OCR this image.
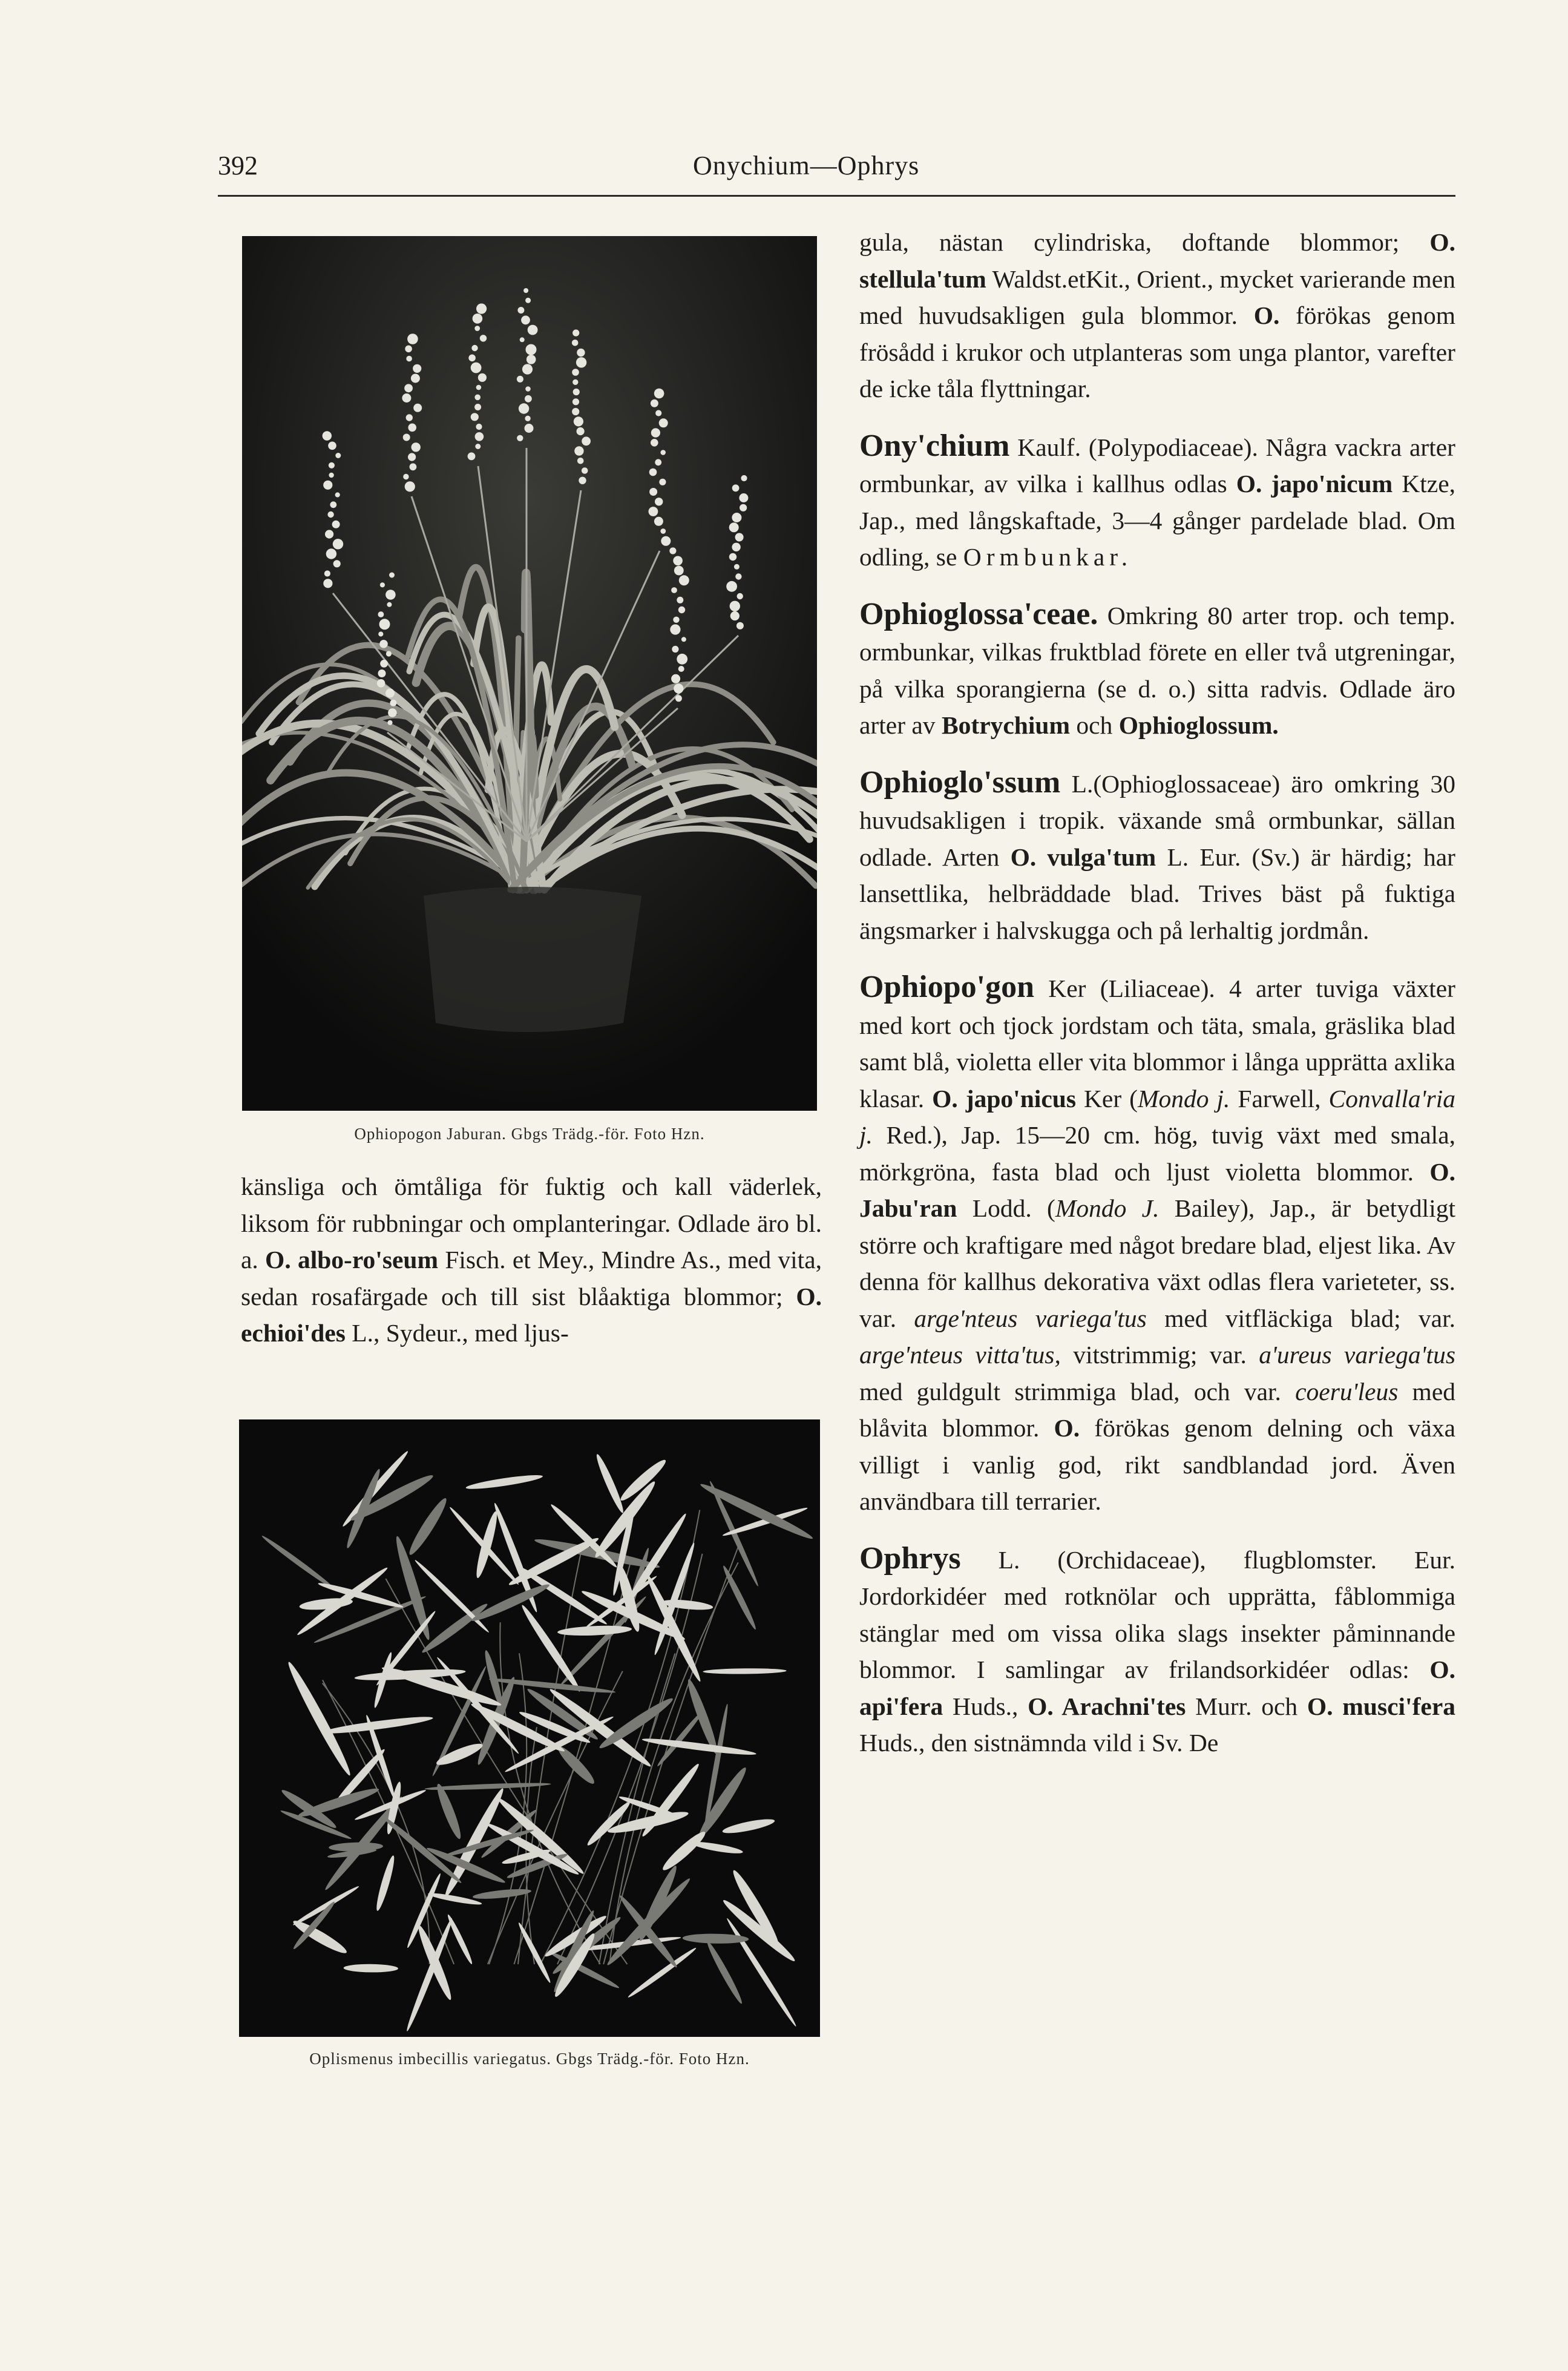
392	Onychium—Ophrys
Ophiopogon Jaburan. Gbgs Trädg.-för. Foto Hzn.
Oplismenus imbecillis variegatus. Gbgs Trädg.-för. Foto Hzn.

känsliga och ömtåliga för fuktig och kall väderlek, liksom för rubbningar och omplanteringar. Odlade äro bl. a. O. albo-ro'seum Fisch. et Mey., Mindre As., med vita, sedan rosafärgade och till sist blåaktiga blommor; O. echioi'des L., Sydeur., med ljus-

gula, nästan cylindriska, doftande blommor; O. stellula'tum Waldst.etKit., Orient., mycket varierande men med huvudsakligen gula blommor. O. förökas genom frösådd i krukor och utplanteras som unga plantor, varefter de icke tåla flyttningar.

Ony'chium Kaulf. (Polypodiaceae). Några vackra arter ormbunkar, av vilka i kallhus odlas O. japo'nicum Ktze, Jap., med långskaftade, 3—4 gånger pardelade blad. Om odling, se Ormbunkar.

Ophioglossa'ceae. Omkring 80 arter trop. och temp. ormbunkar, vilkas fruktblad förete en eller två utgreningar, på vilka sporangierna (se d. o.) sitta radvis. Odlade äro arter av Botrychium och Ophioglossum.

Ophioglo'ssum L.(Ophioglossaceae) äro omkring 30 huvudsakligen i tropik. växande små ormbunkar, sällan odlade. Arten O. vulga'tum L. Eur. (Sv.) är härdig; har lansettlika, helbräddade blad. Trives bäst på fuktiga ängsmarker i halvskugga och på lerhaltig jordmån.

Ophiopo'gon Ker (Liliaceae). 4 arter tuviga växter med kort och tjock jordstam och täta, smala, gräslika blad samt blå, violetta eller vita blommor i långa upprätta axlika klasar. O. japo'nicus Ker (Mondo j. Farwell, Convalla'ria j. Red.), Jap. 15—20 cm. hög, tuvig växt med smala, mörkgröna, fasta blad och ljust violetta blommor. O. Jabu'ran Lodd. (Mondo J. Bailey), Jap., är betydligt större och kraftigare med något bredare blad, eljest lika. Av denna för kallhus dekorativa växt odlas flera varieteter, ss. var. arge'nteus variega'tus med vitfläckiga blad; var. arge'nteus vitta'tus, vitstrimmig; var. a'ureus variega'tus med guldgult strimmiga blad, och var. coeru'leus med blåvita blommor. O. förökas genom delning och växa villigt i vanlig god, rikt sandblandad jord. Även användbara till terrarier.

Ophrys L. (Orchidaceae), flugblomster. Eur. Jordorkidéer med rotknölar och upprätta, fåblommiga stänglar med om vissa olika slags insekter påminnande blommor. I samlingar av frilandsorkidéer odlas: O. api'fera Huds., O. Arachni'tes Murr. och O. musci'fera Huds., den sistnämnda vild i Sv. De
